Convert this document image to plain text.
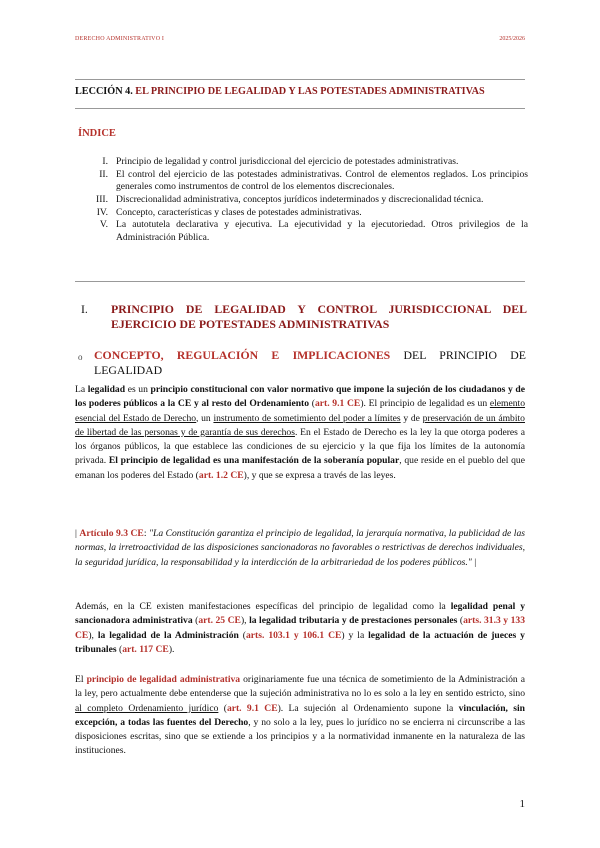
DERECHO ADMINISTRATIVO I	2025/2026
LECCIÓN 4. EL PRINCIPIO DE LEGALIDAD Y LAS POTESTADES ADMINISTRATIVAS
ÍNDICE
I. Principio de legalidad y control jurisdiccional del ejercicio de potestades administrativas.
II. El control del ejercicio de las potestades administrativas. Control de elementos reglados. Los principios generales como instrumentos de control de los elementos discrecionales.
III. Discrecionalidad administrativa, conceptos jurídicos indeterminados y discrecionalidad técnica.
IV. Concepto, características y clases de potestades administrativas.
V. La autotutela declarativa y ejecutiva. La ejecutividad y la ejecutoriedad. Otros privilegios de la Administración Pública.
I.	PRINCIPIO DE LEGALIDAD Y CONTROL JURISDICCIONAL DEL EJERCICIO DE POTESTADES ADMINISTRATIVAS
o CONCEPTO, REGULACIÓN E IMPLICACIONES DEL PRINCIPIO DE LEGALIDAD
La legalidad es un principio constitucional con valor normativo que impone la sujeción de los ciudadanos y de los poderes públicos a la CE y al resto del Ordenamiento (art. 9.1 CE). El principio de legalidad es un elemento esencial del Estado de Derecho, un instrumento de sometimiento del poder a límites y de preservación de un ámbito de libertad de las personas y de garantía de sus derechos. En el Estado de Derecho es la ley la que otorga poderes a los órganos públicos, la que establece las condiciones de su ejercicio y la que fija los límites de la autonomía privada. El principio de legalidad es una manifestación de la soberanía popular, que reside en el pueblo del que emanan los poderes del Estado (art. 1.2 CE), y que se expresa a través de las leyes.
| Artículo 9.3 CE: "La Constitución garantiza el principio de legalidad, la jerarquía normativa, la publicidad de las normas, la irretroactividad de las disposiciones sancionadoras no favorables o restrictivas de derechos individuales, la seguridad jurídica, la responsabilidad y la interdicción de la arbitrariedad de los poderes públicos." |
Además, en la CE existen manifestaciones específicas del principio de legalidad como la legalidad penal y sancionadora administrativa (art. 25 CE), la legalidad tributaria y de prestaciones personales (arts. 31.3 y 133 CE), la legalidad de la Administración (arts. 103.1 y 106.1 CE) y la legalidad de la actuación de jueces y tribunales (art. 117 CE).
El principio de legalidad administrativa originariamente fue una técnica de sometimiento de la Administración a la ley, pero actualmente debe entenderse que la sujeción administrativa no lo es solo a la ley en sentido estricto, sino al completo Ordenamiento jurídico (art. 9.1 CE). La sujeción al Ordenamiento supone la vinculación, sin excepción, a todas las fuentes del Derecho, y no solo a la ley, pues lo jurídico no se encierra ni circunscribe a las disposiciones escritas, sino que se extiende a los principios y a la normatividad inmanente en la naturaleza de las instituciones.
1
